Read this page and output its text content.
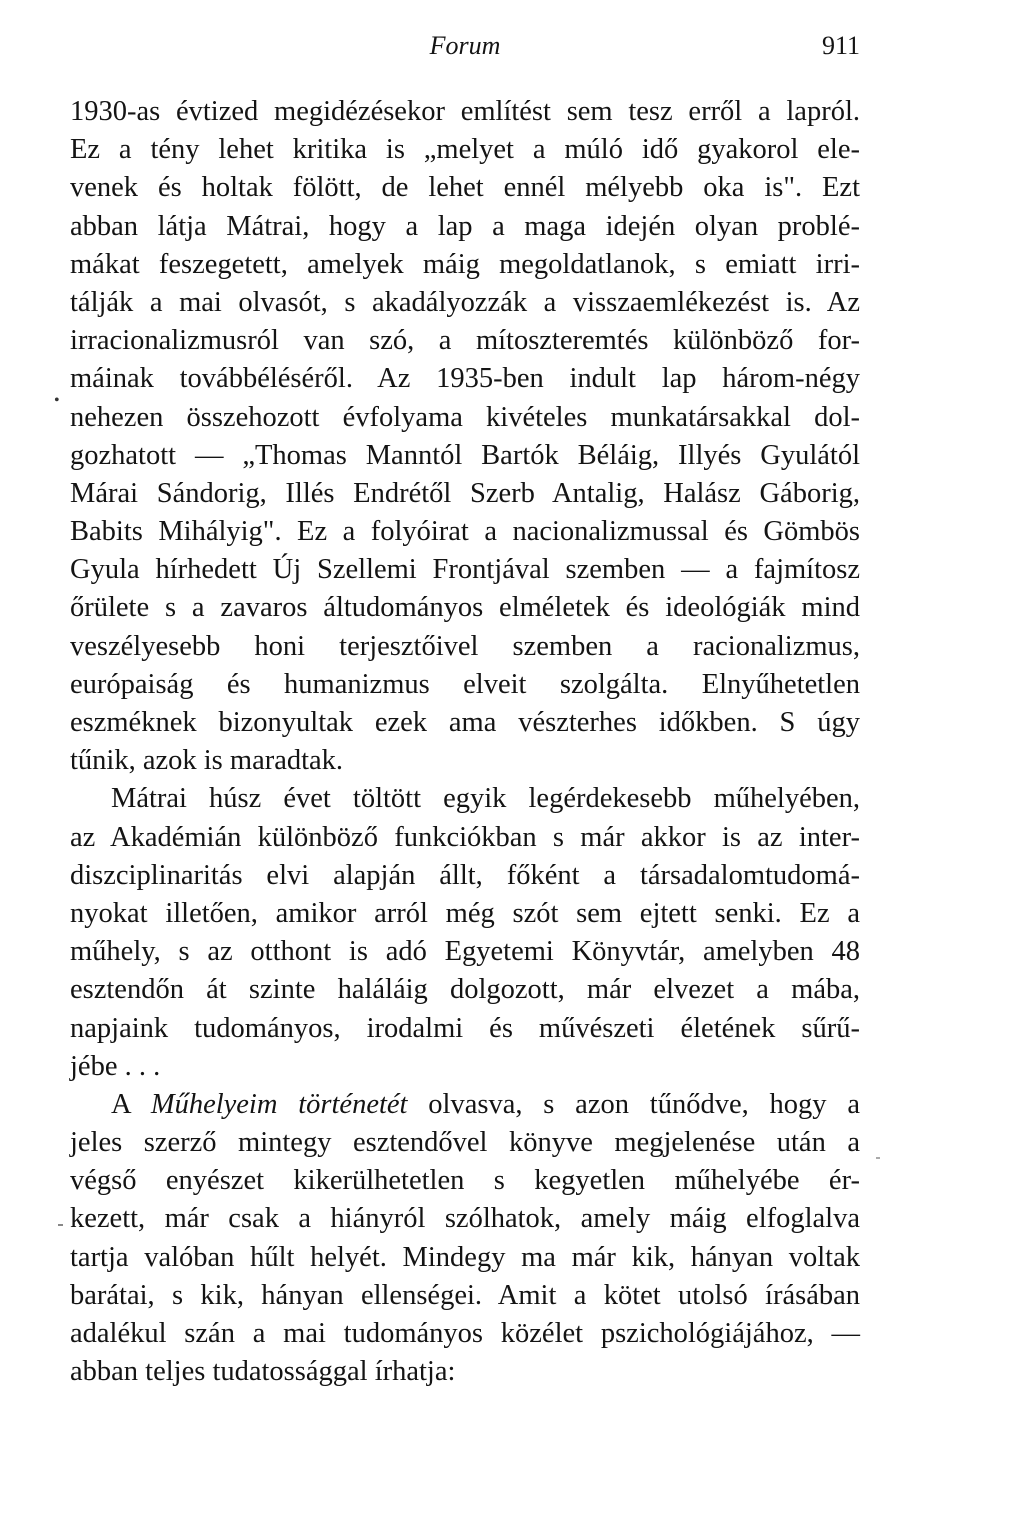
Forum	911
•
1930-as évtized megidézésekor említést sem tesz erről a lapról.
Ez a tény lehet kritika is „melyet a múló idő gyakorol ele-
venek és holtak fölött, de lehet ennél mélyebb oka is". Ezt
abban látja Mátrai, hogy a lap a maga idején olyan problé-
mákat feszegetett, amelyek máig megoldatlanok, s emiatt irri-
tálják a mai olvasót, s akadályozzák a visszaemlékezést is. Az
irracionalizmusról van szó, a mítoszteremtés különböző for-
máinak továbbéléséről. Az 1935-ben indult lap három-négy
nehezen összehozott évfolyama kivételes munkatársakkal dol-
gozhatott — „Thomas Manntól Bartók Béláig, Illyés Gyulától
Márai Sándorig, Illés Endrétől Szerb Antalig, Halász Gáborig,
Babits Mihályig". Ez a folyóirat a nacionalizmussal és Gömbös
Gyula hírhedett Új Szellemi Frontjával szemben — a fajmítosz
őrülete s a zavaros áltudományos elméletek és ideológiák mind
veszélyesebb honi terjesztőivel szemben a racionalizmus,
európaiság és humanizmus elveit szolgálta. Elnyűhetetlen
eszméknek bizonyultak ezek ama vészterhes időkben. S úgy
tűnik, azok is maradtak.
Mátrai húsz évet töltött egyik legérdekesebb műhelyében,
az Akadémián különböző funkciókban s már akkor is az inter-
diszciplinaritás elvi alapján állt, főként a társadalomtudomá-
nyokat illetően, amikor arról még szót sem ejtett senki. Ez a
műhely, s az otthont is adó Egyetemi Könyvtár, amelyben 48
esztendőn át szinte haláláig dolgozott, már elvezet a mába,
napjaink tudományos, irodalmi és művészeti életének sűrű-
jébe . . .
A Műhelyeim történetét olvasva, s azon tűnődve, hogy a
jeles szerző mintegy esztendővel könyve megjelenése után a
végső enyészet kikerülhetetlen s kegyetlen műhelyébe ér-
kezett, már csak a hiányról szólhatok, amely máig elfoglalva
tartja valóban hűlt helyét. Mindegy ma már kik, hányan voltak
barátai, s kik, hányan ellenségei. Amit a kötet utolsó írásában
adalékul szán a mai tudományos közélet pszichológiájához, —
abban teljes tudatossággal írhatja:
